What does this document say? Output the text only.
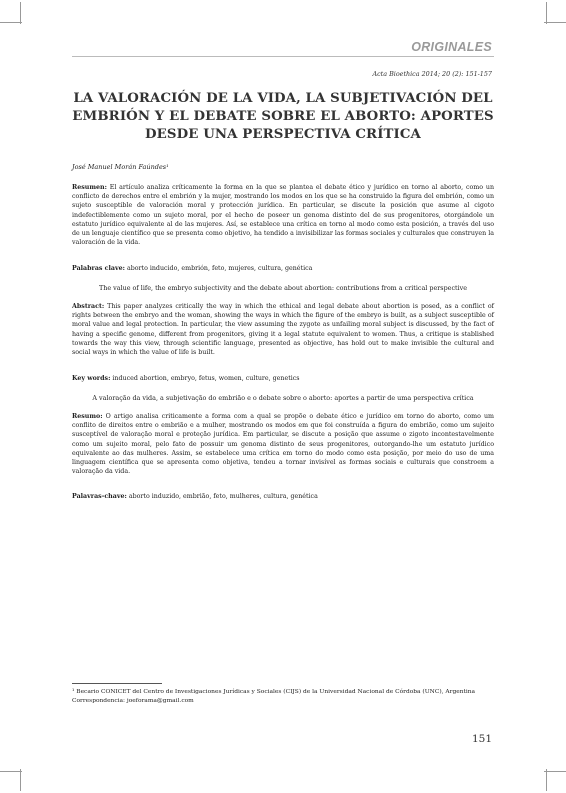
ORIGINALES
Acta Bioethica 2014; 20 (2): 151-157
LA VALORACIÓN DE LA VIDA, LA SUBJETIVACIÓN DEL EMBRIÓN Y EL DEBATE SOBRE EL ABORTO: APORTES DESDE UNA PERSPECTIVA CRÍTICA
José Manuel Morán Faúndes¹
Resumen: El artículo analiza críticamente la forma en la que se plantea el debate ético y jurídico en torno al aborto, como un conflicto de derechos entre el embrión y la mujer, mostrando los modos en los que se ha construido la figura del embrión, como un sujeto susceptible de valoración moral y protección jurídica. En particular, se discute la posición que asume al cigoto indefectiblemente como un sujeto moral, por el hecho de poseer un genoma distinto del de sus progenitores, otorgándole un estatuto jurídico equivalente al de las mujeres. Así, se establece una crítica en torno al modo como esta posición, a través del uso de un lenguaje científico que se presenta como objetivo, ha tendido a invisibilizar las formas sociales y culturales que construyen la valoración de la vida.
Palabras clave: aborto inducido, embrión, feto, mujeres, cultura, genética
The value of life, the embryo subjectivity and the debate about abortion: contributions from a critical perspective
Abstract: This paper analyzes critically the way in which the ethical and legal debate about abortion is posed, as a conflict of rights between the embryo and the woman, showing the ways in which the figure of the embryo is built, as a subject susceptible of moral value and legal protection. In particular, the view assuming the zygote as unfailing moral subject is discussed, by the fact of having a specific genome, different from progenitors, giving it a legal statute equivalent to women. Thus, a critique is stablished towards the way this view, through scientific language, presented as objective, has hold out to make invisible the cultural and social ways in which the value of life is built.
Key words: induced abortion, embryo, fetus, women, culture, genetics
A valoração da vida, a subjetivação do embrião e o debate sobre o aborto: aportes a partir de uma perspectiva crítica
Resumo: O artigo analisa criticamente a forma com a qual se propõe o debate ético e jurídico em torno do aborto, como um conflito de direitos entre o embrião e a mulher, mostrando os modos em que foi construída a figura do embrião, como um sujeito susceptível de valoração moral e proteção jurídica. Em particular, se discute a posição que assume o zigoto incontestavelmente como um sujeito moral, pelo fato de possuir um genoma distinto de seus progenitores, outorgando-lhe um estatuto jurídico equivalente ao das mulheres. Assim, se estabelece uma crítica em torno do modo como esta posição, por meio do uso de uma linguagem científica que se apresenta como objetiva, tendeu a tornar invisível as formas sociais e culturais que constroem a valoração da vida.
Palavras-chave: aborto induzido, embrião, feto, mulheres, cultura, genética
¹ Becario CONICET del Centro de Investigaciones Jurídicas y Sociales (CIJS) de la Universidad Nacional de Córdoba (UNC), Argentina
Correspondencia: joeforama@gmail.com
151
